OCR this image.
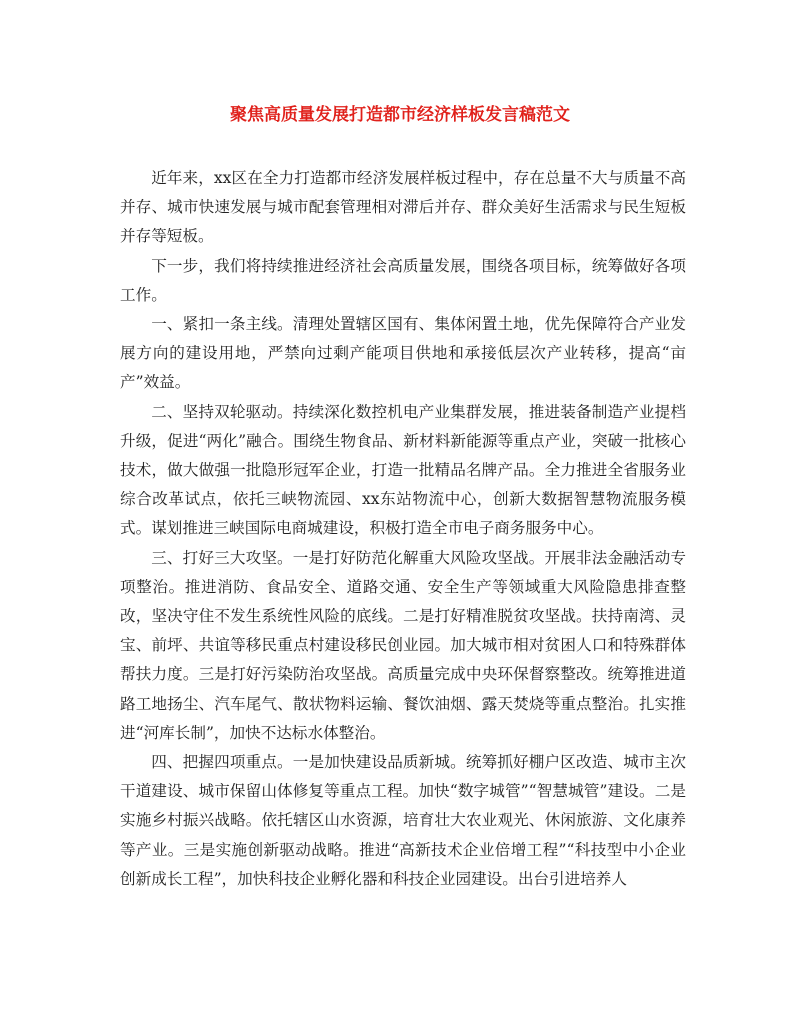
聚焦高质量发展打造都市经济样板发言稿范文

近年来，xx区在全力打造都市经济发展样板过程中，存在总量不大与质量不高并存、城市快速发展与城市配套管理相对滞后并存、群众美好生活需求与民生短板并存等短板。

下一步，我们将持续推进经济社会高质量发展，围绕各项目标，统筹做好各项工作。

一、紧扣一条主线。清理处置辖区国有、集体闲置土地，优先保障符合产业发展方向的建设用地，严禁向过剩产能项目供地和承接低层次产业转移，提高“亩产”效益。

二、坚持双轮驱动。持续深化数控机电产业集群发展，推进装备制造产业提档升级，促进“两化”融合。围绕生物食品、新材料新能源等重点产业，突破一批核心技术，做大做强一批隐形冠军企业，打造一批精品名牌产品。全力推进全省服务业综合改革试点，依托三峡物流园、xx东站物流中心，创新大数据智慧物流服务模式。谋划推进三峡国际电商城建设，积极打造全市电子商务服务中心。

三、打好三大攻坚。一是打好防范化解重大风险攻坚战。开展非法金融活动专项整治。推进消防、食品安全、道路交通、安全生产等领域重大风险隐患排查整改，坚决守住不发生系统性风险的底线。二是打好精准脱贫攻坚战。扶持南湾、灵宝、前坪、共谊等移民重点村建设移民创业园。加大城市相对贫困人口和特殊群体帮扶力度。三是打好污染防治攻坚战。高质量完成中央环保督察整改。统筹推进道路工地扬尘、汽车尾气、散状物料运输、餐饮油烟、露天焚烧等重点整治。扎实推进“河库长制”，加快不达标水体整治。

四、把握四项重点。一是加快建设品质新城。统筹抓好棚户区改造、城市主次干道建设、城市保留山体修复等重点工程。加快“数字城管”“智慧城管”建设。二是实施乡村振兴战略。依托辖区山水资源，培育壮大农业观光、休闲旅游、文化康养等产业。三是实施创新驱动战略。推进“高新技术企业倍增工程”“科技型中小企业创新成长工程”，加快科技企业孵化器和科技企业园建设。出台引进培养人
